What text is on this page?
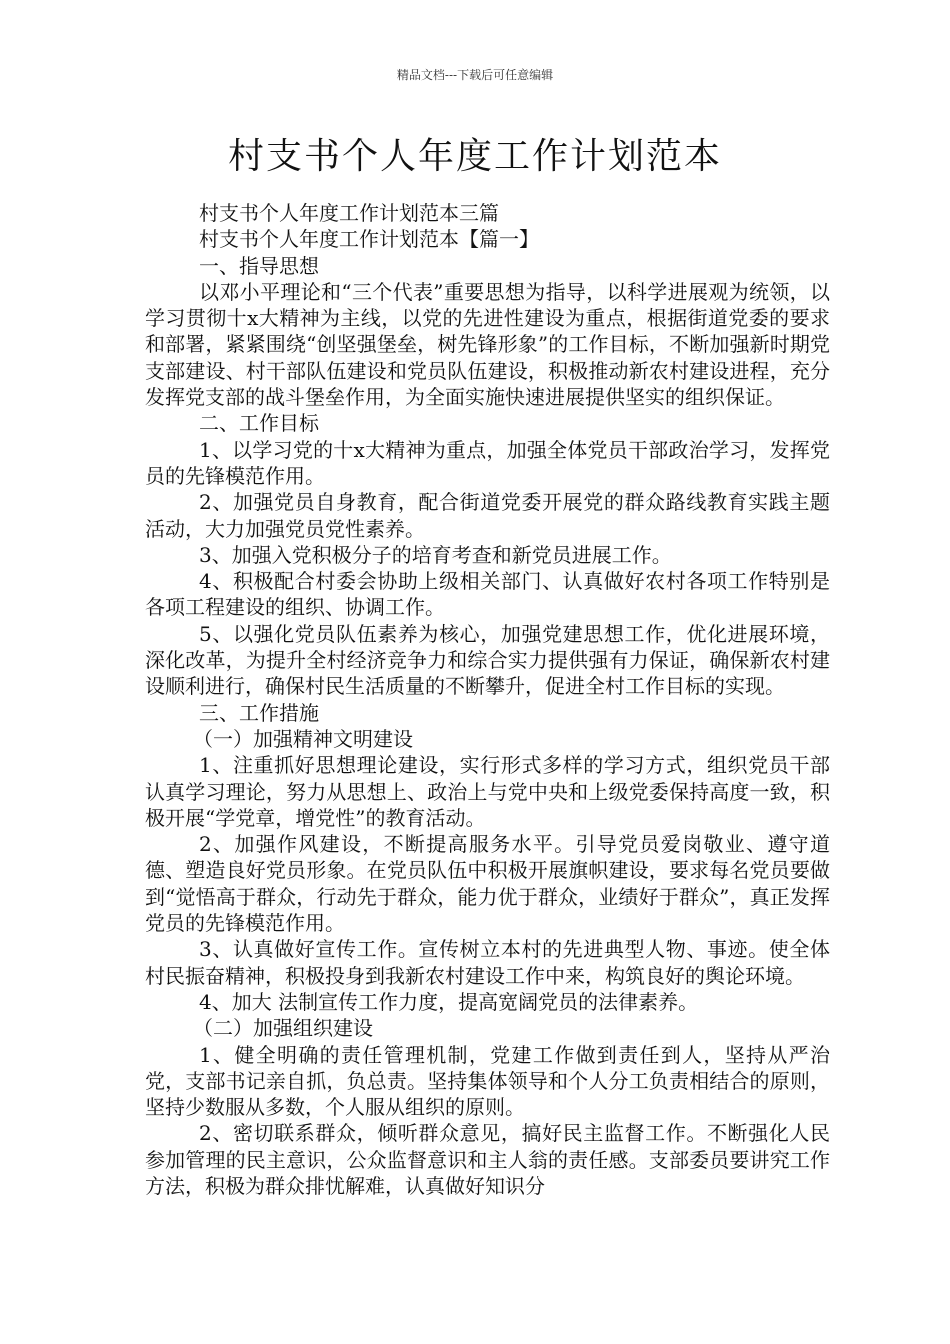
精品文档---下载后可任意编辑
村支书个人年度工作计划范本

村支书个人年度工作计划范本三篇

村支书个人年度工作计划范本【篇一】

一、指导思想

以邓小平理论和“三个代表”重要思想为指导，以科学进展观为统领，以学习贯彻十x大精神为主线，以党的先进性建设为重点，根据街道党委的要求和部署，紧紧围绕“创坚强堡垒，树先锋形象”的工作目标，不断加强新时期党支部建设、村干部队伍建设和党员队伍建设，积极推动新农村建设进程，充分发挥党支部的战斗堡垒作用，为全面实施快速进展提供坚实的组织保证。

二、工作目标

1、以学习党的十x大精神为重点，加强全体党员干部政治学习，发挥党员的先锋模范作用。

2、加强党员自身教育，配合街道党委开展党的群众路线教育实践主题活动，大力加强党员党性素养。

3、加强入党积极分子的培育考查和新党员进展工作。

4、积极配合村委会协助上级相关部门、认真做好农村各项工作特别是各项工程建设的组织、协调工作。

5、以强化党员队伍素养为核心，加强党建思想工作，优化进展环境，深化改革，为提升全村经济竞争力和综合实力提供强有力保证，确保新农村建设顺利进行，确保村民生活质量的不断攀升，促进全村工作目标的实现。

三、工作措施

（一）加强精神文明建设

1、注重抓好思想理论建设，实行形式多样的学习方式，组织党员干部认真学习理论，努力从思想上、政治上与党中央和上级党委保持高度一致，积极开展“学党章，增党性”的教育活动。

2、加强作风建设，不断提高服务水平。引导党员爱岗敬业、遵守道德、塑造良好党员形象。在党员队伍中积极开展旗帜建设，要求每名党员要做到“觉悟高于群众，行动先于群众，能力优于群众，业绩好于群众”，真正发挥党员的先锋模范作用。

3、认真做好宣传工作。宣传树立本村的先进典型人物、事迹。使全体村民振奋精神，积极投身到我新农村建设工作中来，构筑良好的舆论环境。

4、加大 法制宣传工作力度，提高宽阔党员的法律素养。

（二）加强组织建设

1、健全明确的责任管理机制，党建工作做到责任到人，坚持从严治党，支部书记亲自抓，负总责。坚持集体领导和个人分工负责相结合的原则，坚持少数服从多数，个人服从组织的原则。

2、密切联系群众，倾听群众意见，搞好民主监督工作。不断强化人民参加管理的民主意识，公众监督意识和主人翁的责任感。支部委员要讲究工作方法，积极为群众排忧解难，认真做好知识分
